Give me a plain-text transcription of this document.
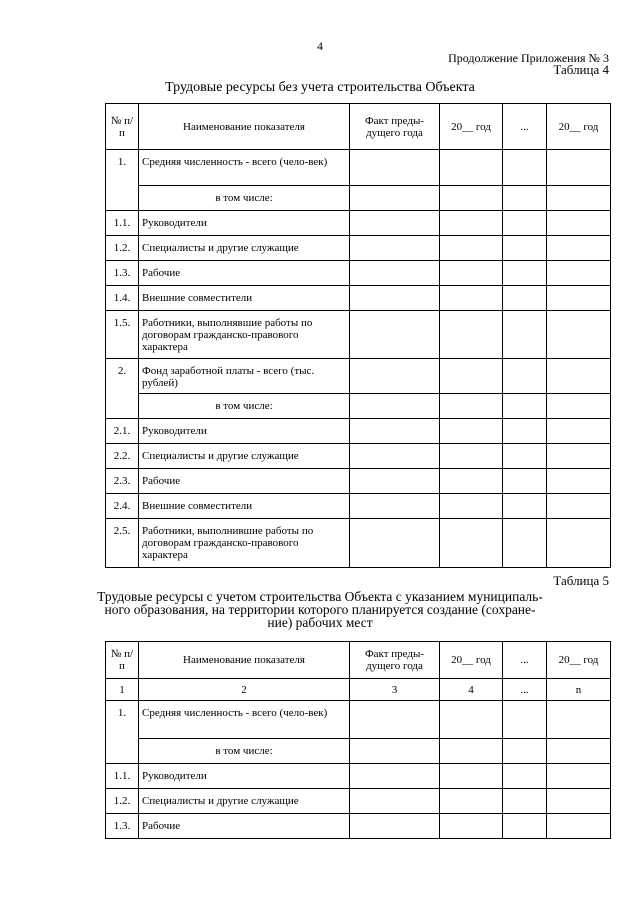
4
Продолжение Приложения № 3
Таблица 4
Трудовые ресурсы без учета строительства Объекта
№ п/п	Наименование показателя	Факт преды-дущего года	20__ год	...	20__ год
1.	Средняя численность - всего (чело-век)				
	в том числе:				
1.1.	Руководители				
1.2.	Специалисты и другие служащие				
1.3.	Рабочие				
1.4.	Внешние совместители				
1.5.	Работники, выполнявшие работы по договорам гражданско-правового характера				
2.	Фонд заработной платы - всего (тыс. рублей)				
	в том числе:				
2.1.	Руководители				
2.2.	Специалисты и другие служащие				
2.3.	Рабочие				
2.4.	Внешние совместители				
2.5.	Работники, выполнившие работы по договорам гражданско-правового характера				
Таблица 5
Трудовые ресурсы с учетом строительства Объекта с указанием муниципаль-
ного образования, на территории которого планируется создание (сохране-
ние) рабочих мест
№ п/п	Наименование показателя	Факт преды-дущего года	20__ год	...	20__ год
1	2	3	4	...	n
1.	Средняя численность - всего (чело-век)				
	в том числе:				
1.1.	Руководители				
1.2.	Специалисты и другие служащие				
1.3.	Рабочие				
